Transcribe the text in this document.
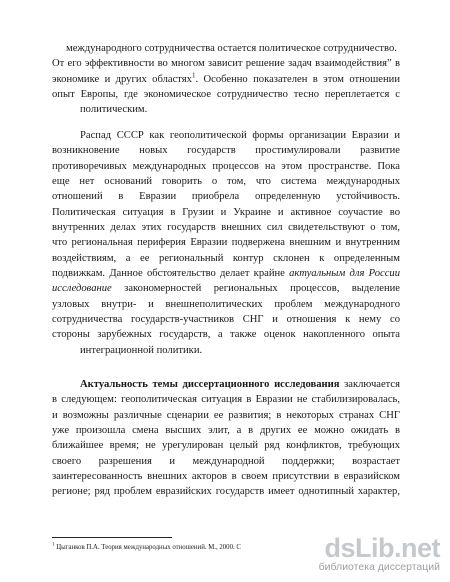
международного сотрудничества остается политическое сотрудничество.
От его эффективности во многом зависит решение задач взаимодействия” в
экономике и других областях$^1$. Особенно показателен в этом отношении
опыт Европы, где экономическое сотрудничество тесно переплетается с
политическим.
Распад СССР как геополитической формы организации Евразии и
возникновение новых государств простимулировали развитие
противоречивых международных процессов на этом пространстве. Пока
еще нет оснований говорить о том, что система международных
отношений в Евразии приобрела определенную устойчивость.
Политическая ситуация в Грузии и Украине и активное соучастие во
внутренних делах этих государств внешних сил свидетельствуют о том,
что региональная периферия Евразии подвержена внешним и внутренним
воздействиям, а ее региональный контур склонен к определенным
подвижкам. Данное обстоятельство делает крайне актуальным для России
исследование закономерностей региональных процессов, выделение
узловых внутри- и внешнеполитических проблем международного
сотрудничества государств-участников СНГ и отношения к нему со
стороны зарубежных государств, а также оценок накопленного опыта
интеграционной политики.
Актуальность темы диссертационного исследования заключается
в следующем: геополитическая ситуация в Евразии не стабилизировалась,
и возможны различные сценарии ее развития; в некоторых странах СНГ
уже произошла смена высших элит, а в других ее можно ожидать в
ближайшее время; не урегулирован целый ряд конфликтов, требующих
своего разрешения и международной поддержки; возрастает
заинтересованность внешних акторов в своем присутствии в евразийском
регионе; ряд проблем евразийских государств имеет однотипный характер,
$^1$ Цыганков П.А. Теория международных отношений. М., 2000. С	dsLib.net
библиотека диссертаций
